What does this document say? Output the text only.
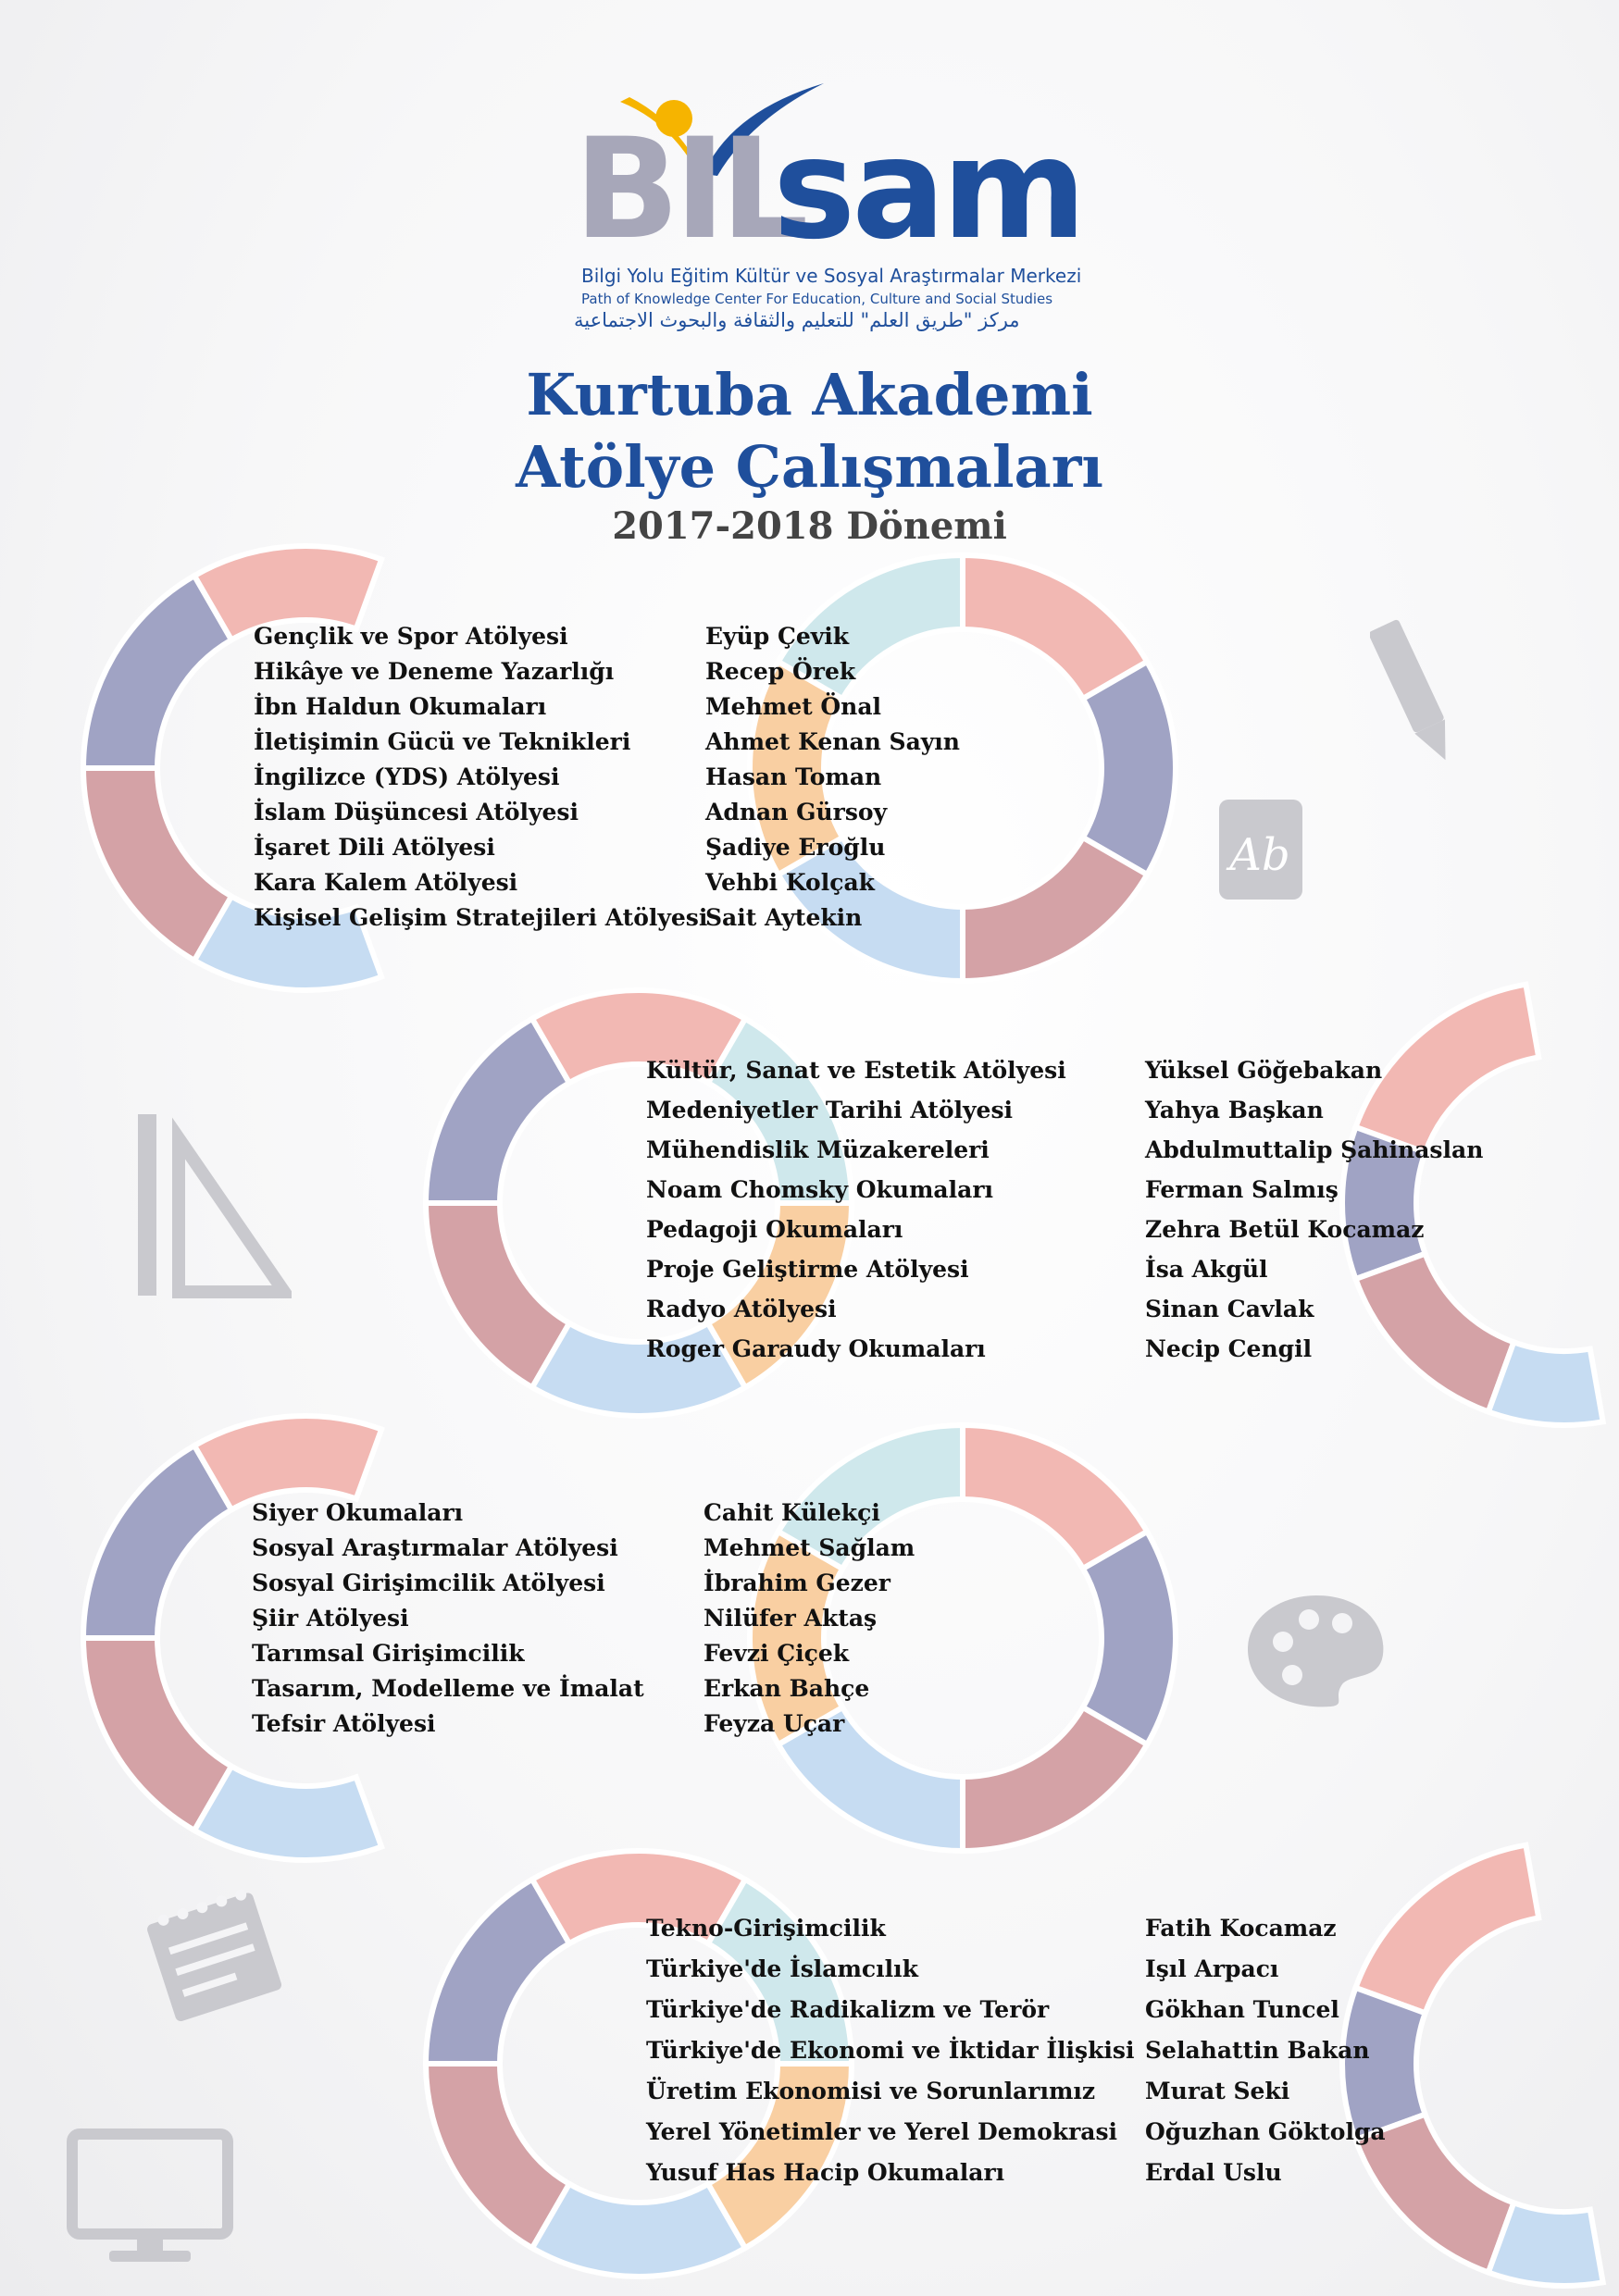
BIL
sam
Bilgi Yolu Eğitim Kültür ve Sosyal Araştırmalar Merkezi
Path of Knowledge Center For Education, Culture and Social Studies
مركز "طريق العلم" للتعليم والثقافة والبحوث الاجتماعية
Kurtuba Akademi
Atölye Çalışmaları
2017-2018 Dönemi
Gençlik ve Spor Atölyesi
Hikâye ve Deneme Yazarlığı
İbn Haldun Okumaları
İletişimin Gücü ve Teknikleri
İngilizce (YDS) Atölyesi
İslam Düşüncesi Atölyesi
İşaret Dili Atölyesi
Kara Kalem Atölyesi
Kişisel Gelişim Stratejileri Atölyesi
Eyüp Çevik
Recep Örek
Mehmet Önal
Ahmet Kenan Sayın
Hasan Toman
Adnan Gürsoy
Şadiye Eroğlu
Vehbi Kolçak
Sait Aytekin
Kültür, Sanat ve Estetik Atölyesi
Medeniyetler Tarihi Atölyesi
Mühendislik Müzakereleri
Noam Chomsky Okumaları
Pedagoji Okumaları
Proje Geliştirme Atölyesi
Radyo Atölyesi
Roger Garaudy Okumaları
Yüksel Göğebakan
Yahya Başkan
Abdulmuttalip Şahinaslan
Ferman Salmış
Zehra Betül Kocamaz
İsa Akgül
Sinan Cavlak
Necip Cengil
Siyer Okumaları
Sosyal Araştırmalar Atölyesi
Sosyal Girişimcilik Atölyesi
Şiir Atölyesi
Tarımsal Girişimcilik
Tasarım, Modelleme ve İmalat
Tefsir Atölyesi
Cahit Külekçi
Mehmet Sağlam
İbrahim Gezer
Nilüfer Aktaş
Fevzi Çiçek
Erkan Bahçe
Feyza Uçar
Tekno-Girişimcilik
Türkiye'de İslamcılık
Türkiye'de Radikalizm ve Terör
Türkiye'de Ekonomi ve İktidar İlişkisi
Üretim Ekonomisi ve Sorunlarımız
Yerel Yönetimler ve Yerel Demokrasi
Yusuf Has Hacip Okumaları
Fatih Kocamaz
Işıl Arpacı
Gökhan Tuncel
Selahattin Bakan
Murat Seki
Oğuzhan Göktolga
Erdal Uslu
Ab
